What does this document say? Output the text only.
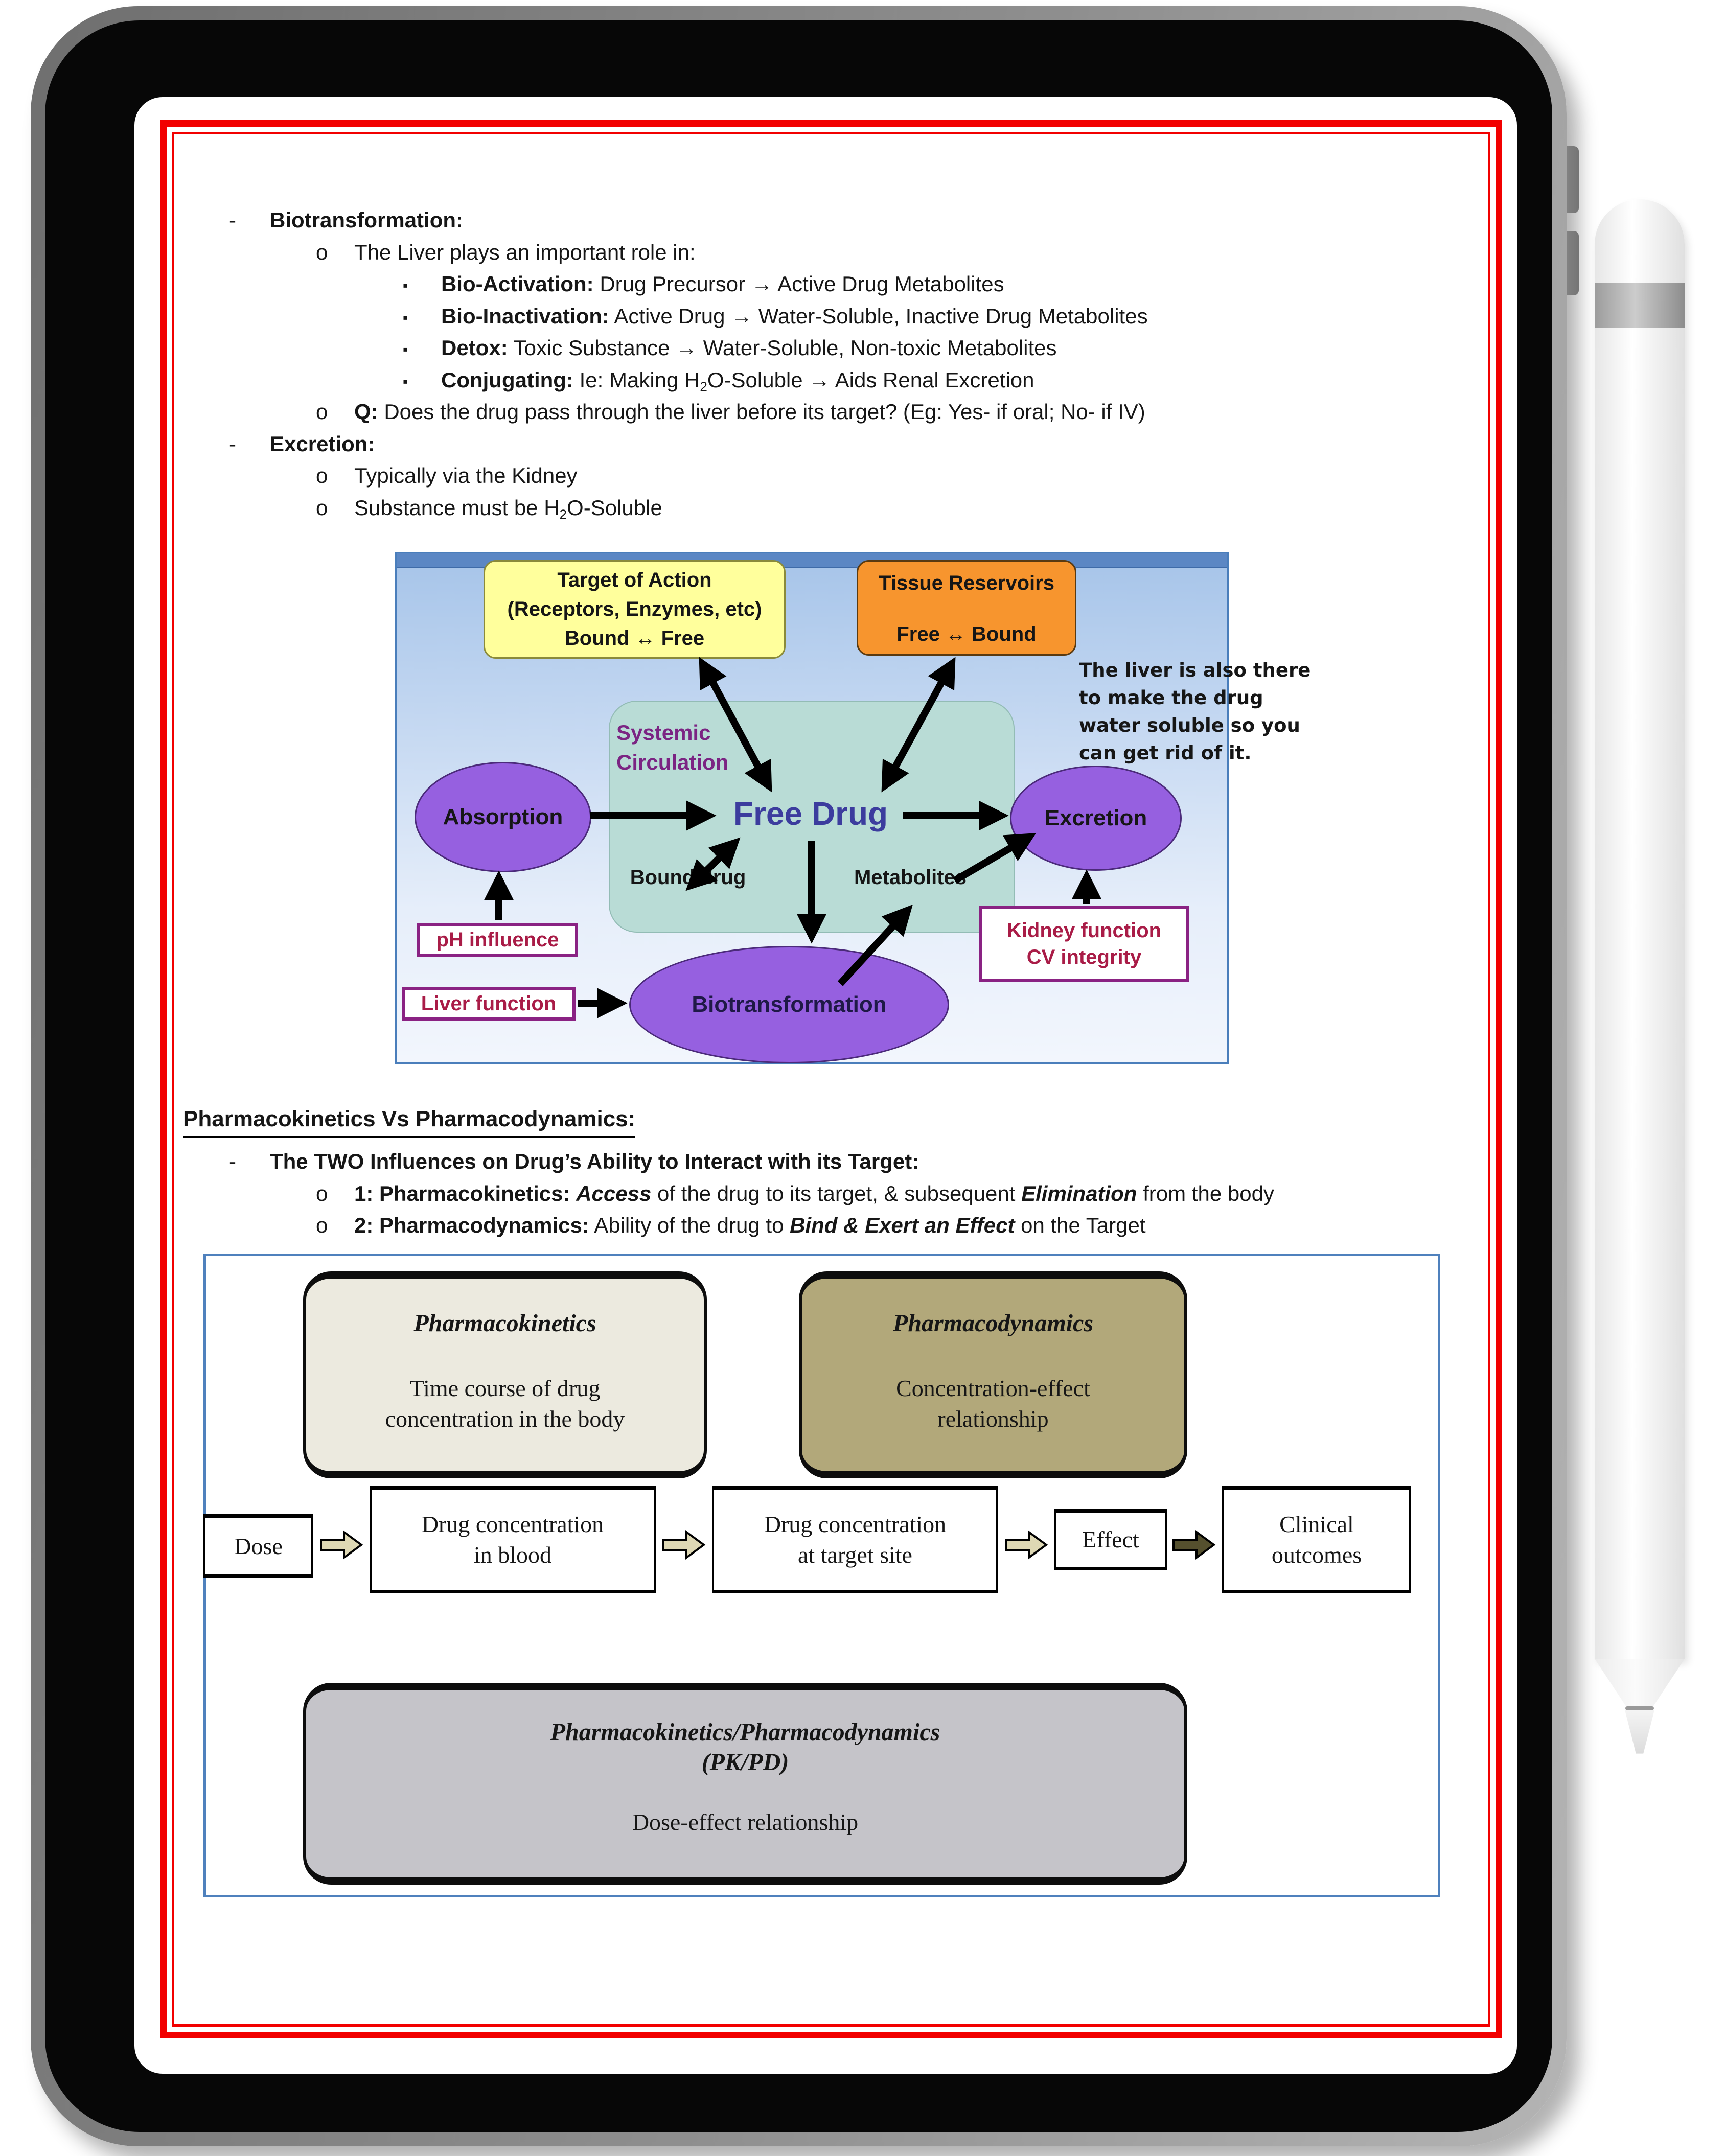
- Biotransformation:
o The Liver plays an important role in:
▪ Bio-Activation: Drug Precursor → Active Drug Metabolites
▪ Bio-Inactivation: Active Drug → Water-Soluble, Inactive Drug Metabolites
▪ Detox: Toxic Substance → Water-Soluble, Non-toxic Metabolites
▪ Conjugating: Ie: Making $H_2O$-Soluble → Aids Renal Excretion
o Q: Does the drug pass through the liver before its target? (Eg: Yes- if oral; No- if IV)
- Excretion:
o Typically via the Kidney
o Substance must be $H_2O$-Soluble
Target of Action
(Receptors, Enzymes, etc)
Bound ↔ Free
Tissue Reservoirs
Free ↔ Bound
The liver is also there
to make the drug
water soluble so you
can get rid of it.
Systemic
Circulation
Free Drug
Bound drug	Metabolites
Absorption	Excretion
Biotransformation
pH influence
Liver function
Kidney function
CV integrity
Pharmacokinetics Vs Pharmacodynamics:
- The TWO Influences on Drug’s Ability to Interact with its Target:
o 1: Pharmacokinetics: Access of the drug to its target, & subsequent Elimination from the body
o 2: Pharmacodynamics: Ability of the drug to Bind & Exert an Effect on the Target
Pharmacokinetics
Time course of drug
concentration in the body
Pharmacodynamics
Concentration-effect
relationship
Dose
Drug concentration
in blood
Drug concentration
at target site
Effect
Clinical
outcomes
Pharmacokinetics/Pharmacodynamics
(PK/PD)
Dose-effect relationship
